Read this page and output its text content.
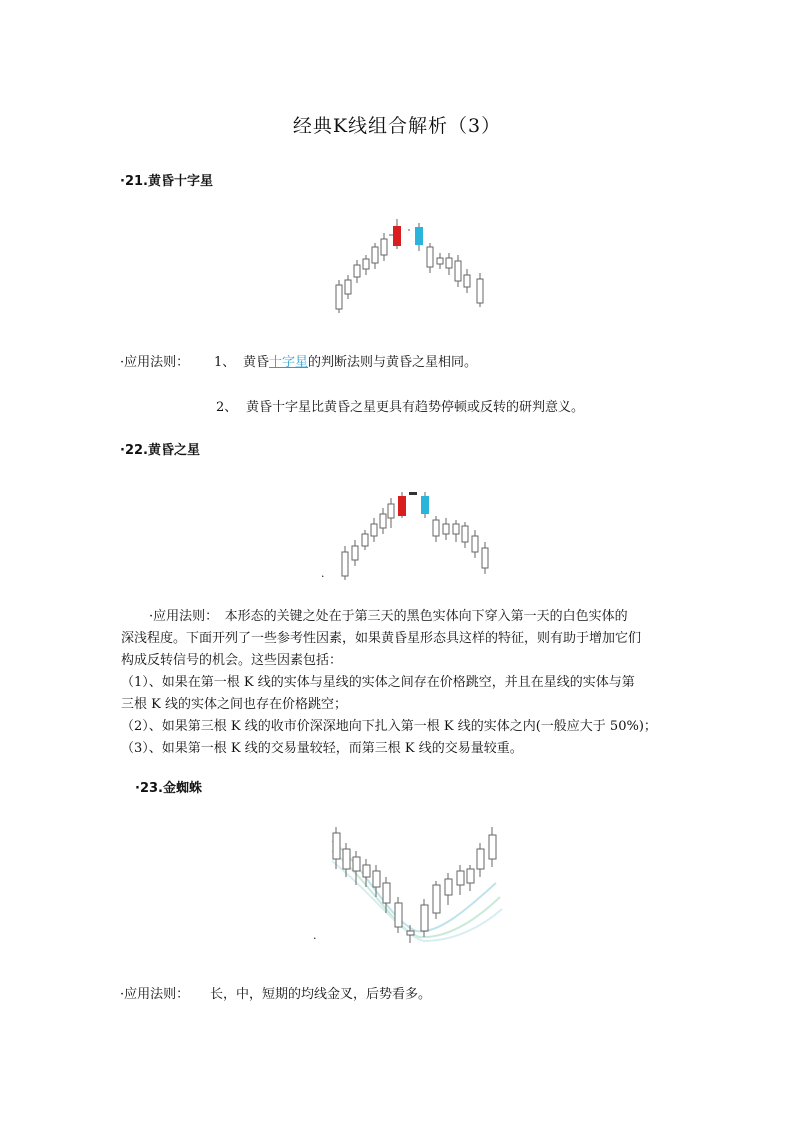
经典K线组合解析（3）
·21.黄昏十字星
·应用法则： 1、 黄昏十字星的判断法则与黄昏之星相同。
2、 黄昏十字星比黄昏之星更具有趋势停顿或反转的研判意义。
·22.黄昏之星
.

·应用法则：　本形态的关键之处在于第三天的黑色实体向下穿入第一天的白色实体的

深浅程度。下面开列了一些参考性因素，如果黄昏星形态具这样的特征，则有助于增加它们

构成反转信号的机会。这些因素包括：

（1）、如果在第一根 K 线的实体与星线的实体之间存在价格跳空，并且在星线的实体与第

三根 K 线的实体之间也存在价格跳空；

（2）、如果第三根 K 线的收市价深深地向下扎入第一根 K 线的实体之内(一般应大于 50%)；

（3）、如果第一根 K 线的交易量较轻，而第三根 K 线的交易量较重。

·23.金蜘蛛
.
·应用法则： 长，中，短期的均线金叉，后势看多。
